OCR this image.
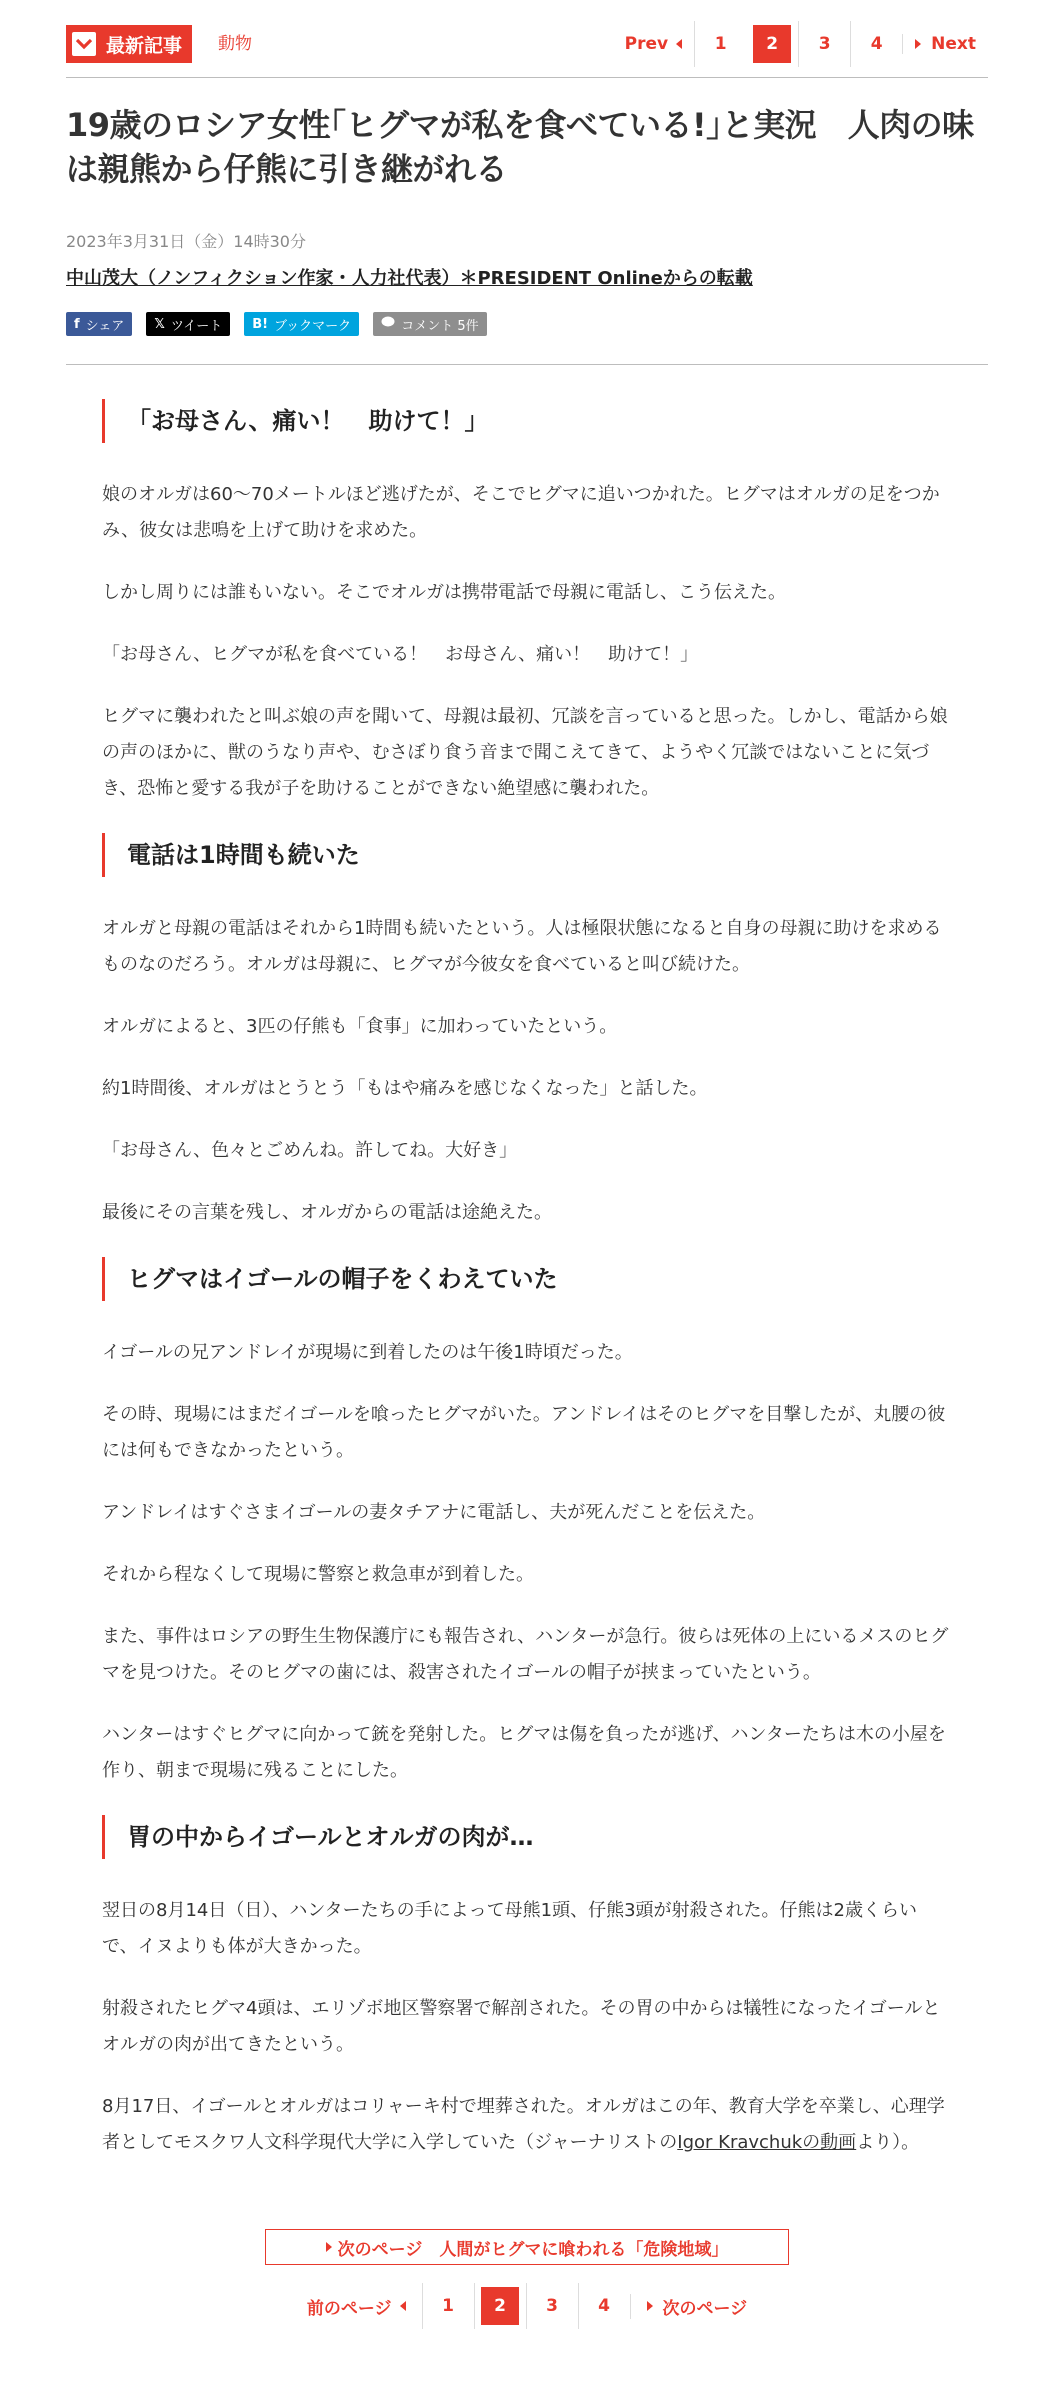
最新記事 動物	Prev	1	2	3 4	Next
19歳のロシア女性｢ヒグマが私を食べている!｣と実況　人肉の味は親熊から仔熊に引き継がれる
2023年3月31日（金）14時30分
中山茂大（ノンフィクション作家・人力社代表）＊PRESIDENT Onlineからの転載
f シェア 𝕏 ツイート B! ブックマーク	コメント 5件
「お母さん、痛い！　助けて！」

娘のオルガは60～70メートルほど逃げたが、そこでヒグマに追いつかれた。ヒグマはオルガの足をつかみ、彼女は悲鳴を上げて助けを求めた。

しかし周りには誰もいない。そこでオルガは携帯電話で母親に電話し、こう伝えた。

「お母さん、ヒグマが私を食べている！　お母さん、痛い！　助けて！」

ヒグマに襲われたと叫ぶ娘の声を聞いて、母親は最初、冗談を言っていると思った。しかし、電話から娘の声のほかに、獣のうなり声や、むさぼり食う音まで聞こえてきて、ようやく冗談ではないことに気づき、恐怖と愛する我が子を助けることができない絶望感に襲われた。

電話は1時間も続いた

オルガと母親の電話はそれから1時間も続いたという。人は極限状態になると自身の母親に助けを求めるものなのだろう。オルガは母親に、ヒグマが今彼女を食べていると叫び続けた。

オルガによると、3匹の仔熊も「食事」に加わっていたという。

約1時間後、オルガはとうとう「もはや痛みを感じなくなった」と話した。

「お母さん、色々とごめんね。許してね。大好き」

最後にその言葉を残し、オルガからの電話は途絶えた。

ヒグマはイゴールの帽子をくわえていた

イゴールの兄アンドレイが現場に到着したのは午後1時頃だった。

その時、現場にはまだイゴールを喰ったヒグマがいた。アンドレイはそのヒグマを目撃したが、丸腰の彼には何もできなかったという。

アンドレイはすぐさまイゴールの妻タチアナに電話し、夫が死んだことを伝えた。

それから程なくして現場に警察と救急車が到着した。

また、事件はロシアの野生生物保護庁にも報告され、ハンターが急行。彼らは死体の上にいるメスのヒグマを見つけた。そのヒグマの歯には、殺害されたイゴールの帽子が挟まっていたという。

ハンターはすぐヒグマに向かって銃を発射した。ヒグマは傷を負ったが逃げ、ハンターたちは木の小屋を作り、朝まで現場に残ることにした。

胃の中からイゴールとオルガの肉が…

翌日の8月14日（日）、ハンターたちの手によって母熊1頭、仔熊3頭が射殺された。仔熊は2歳くらいで、イヌよりも体が大きかった。

射殺されたヒグマ4頭は、エリゾボ地区警察署で解剖された。その胃の中からは犠牲になったイゴールとオルガの肉が出てきたという。

8月17日、イゴールとオルガはコリャーキ村で埋葬された。オルガはこの年、教育大学を卒業し、心理学者としてモスクワ人文科学現代大学に入学していた（ジャーナリストのIgor Kravchukの動画より）。

次のページ　人間がヒグマに喰われる「危険地域」
前のページ	1	2	3 4	次のページ
